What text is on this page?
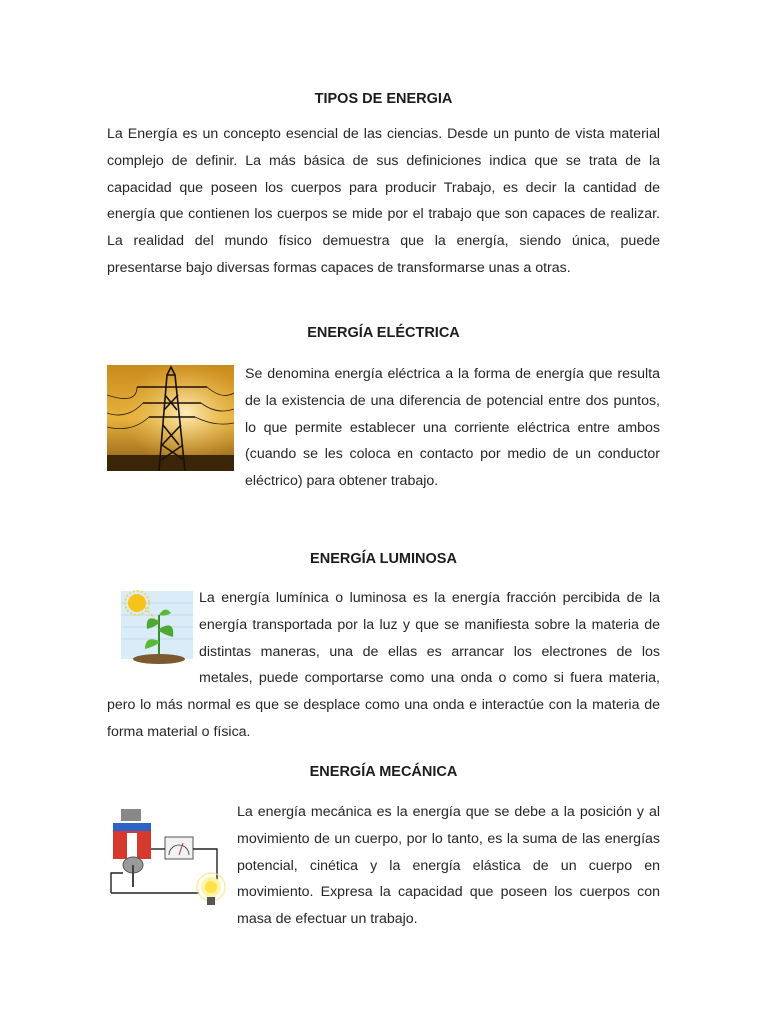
TIPOS DE ENERGIA

La Energía es un concepto esencial de las ciencias. Desde un punto de vista material complejo de definir. La más básica de sus definiciones indica que se trata de la capacidad que poseen los cuerpos para producir Trabajo, es decir la cantidad de energía que contienen los cuerpos se mide por el trabajo que son capaces de realizar. La realidad del mundo físico demuestra que la energía, siendo única, puede presentarse bajo diversas formas capaces de transformarse unas a otras.

ENERGÍA ELÉCTRICA
Se denomina energía eléctrica a la forma de energía que resulta de la existencia de una diferencia de potencial entre dos puntos, lo que permite establecer una corriente eléctrica entre ambos (cuando se les coloca en contacto por medio de un conductor eléctrico) para obtener trabajo.
ENERGÍA LUMINOSA
La energía lumínica o luminosa es la energía fracción percibida de la energía transportada por la luz y que se manifiesta sobre la materia de distintas maneras, una de ellas es arrancar los electrones de los metales, puede comportarse como una onda o como si fuera materia, pero lo más normal es que se desplace como una onda e interactúe con la materia de forma material o física.
ENERGÍA MECÁNICA
La energía mecánica es la energía que se debe a la posición y al movimiento de un cuerpo, por lo tanto, es la suma de las energías potencial, cinética y la energía elástica de un cuerpo en movimiento. Expresa la capacidad que poseen los cuerpos con masa de efectuar un trabajo.
